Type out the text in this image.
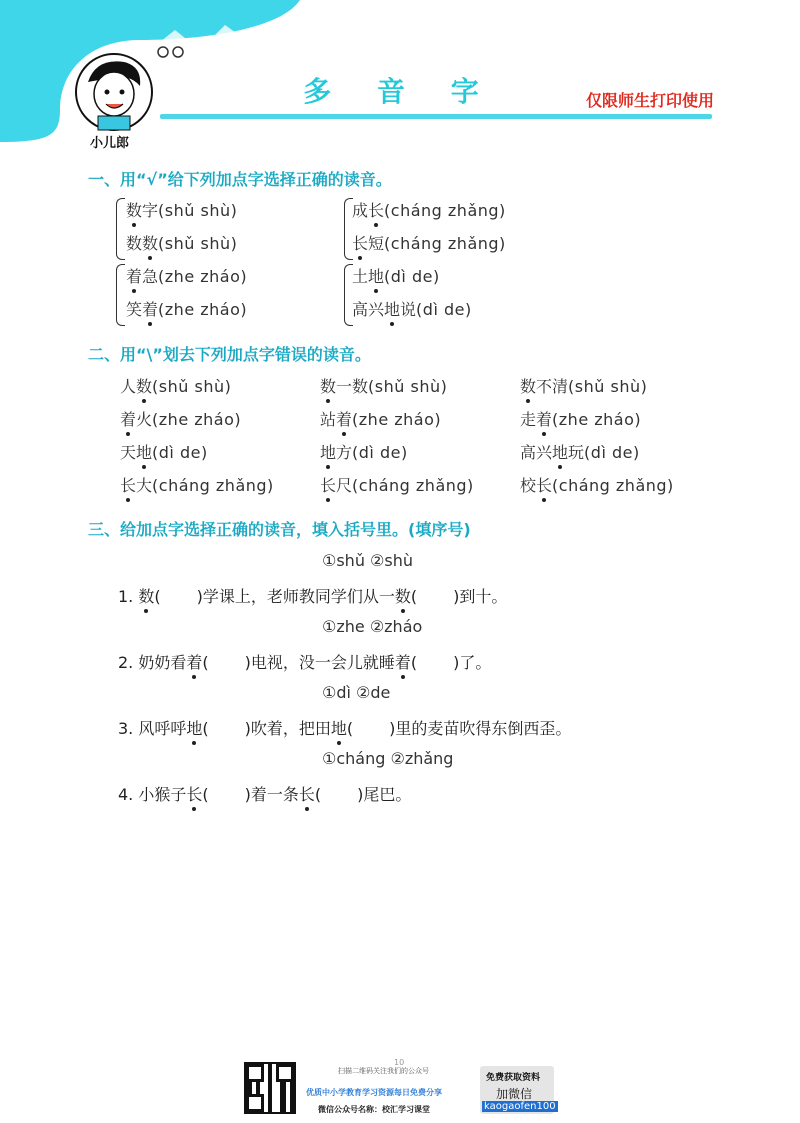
小儿郎
多 音 字	仅限师生打印使用
一、用“√”给下列加点字选择正确的读音。
数字(shǔ shù)
数数(shǔ shù)
成长(cháng zhǎng)
长短(cháng zhǎng)
着急(zhe zháo)
笑着(zhe zháo)
土地(dì de)
高兴地说(dì de)
二、用“\”划去下列加点字错误的读音。
人数(shǔ shù)	数一数(shǔ shù)	数不清(shǔ shù)
着火(zhe zháo)	站着(zhe zháo)	走着(zhe zháo)
天地(dì de)	地方(dì de)	高兴地玩(dì de)
长大(cháng zhǎng)	长尺(cháng zhǎng)	校长(cháng zhǎng)
三、给加点字选择正确的读音，填入括号里。(填序号)
①shǔ ②shù
1. 数( )学课上，老师教同学们从一数( )到十。
①zhe ②zháo
2. 奶奶看着( )电视，没一会儿就睡着( )了。
①dì ②de
3. 风呼呼地( )吹着，把田地( )里的麦苗吹得东倒西歪。
①cháng ②zhǎng
4. 小猴子长( )着一条长( )尾巴。
扫描二维码关注我们的公众号
10
优质中小学教育学习资源每日免费分享
微信公众号名称：校汇学习课堂
免费获取资料
加微信
kaogaofen100
